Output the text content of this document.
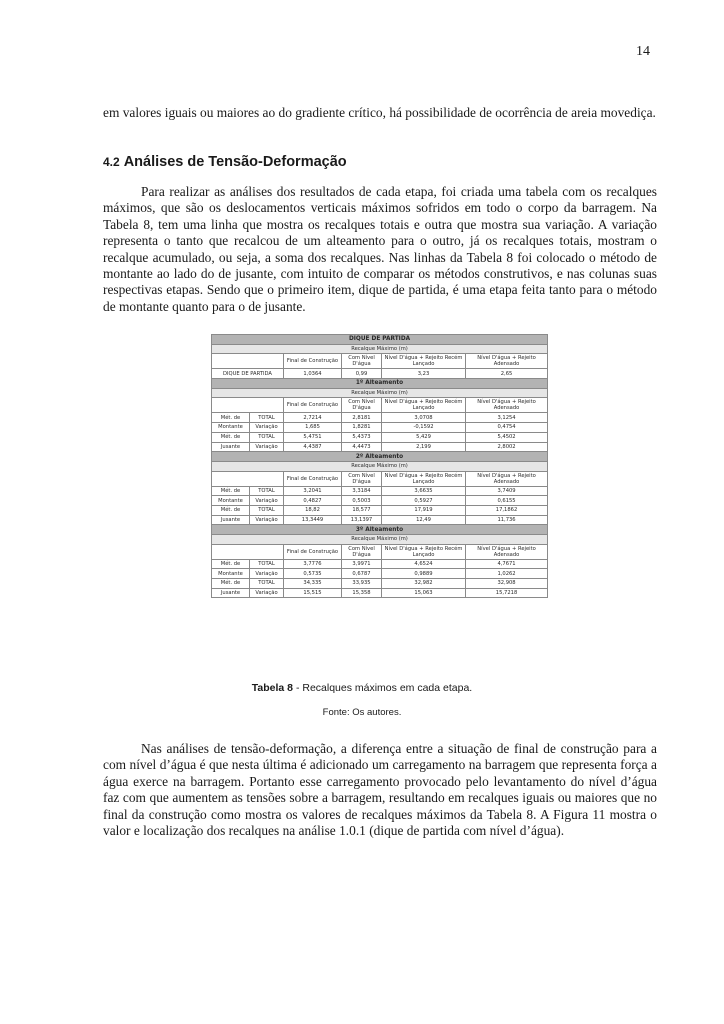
14

em valores iguais ou maiores ao do gradiente crítico, há possibilidade de ocorrência de areia movediça.

4.2 Análises de Tensão-Deformação

Para realizar as análises dos resultados de cada etapa, foi criada uma tabela com os recalques máximos, que são os deslocamentos verticais máximos sofridos em todo o corpo da barragem. Na Tabela 8, tem uma linha que mostra os recalques totais e outra que mostra sua variação. A variação representa o tanto que recalcou de um alteamento para o outro, já os recalques totais, mostram o recalque acumulado, ou seja, a soma dos recalques. Nas linhas da Tabela 8 foi colocado o método de montante ao lado do de jusante, com intuito de comparar os métodos construtivos, e nas colunas suas respectivas etapas. Sendo que o primeiro item, dique de partida, é uma etapa feita tanto para o método de montante quanto para o de jusante.

DIQUE DE PARTIDA					
Recalque Máximo (m)					
		Final de Construção	Com Nível D'água	Nível D'água + Rejeito Recém Lançado	Nível D'água + Rejeito Adensado
DIQUE DE PARTIDA		1,0364	0,99	3,23	2,65
1º Alteamento					
Recalque Máximo (m)					
		Final de Construção	Com Nível D'água	Nível D'água + Rejeito Recém Lançado	Nível D'água + Rejeito Adensado
Mét. de	TOTAL	2,7214	2,8181	3,0708	3,1254
Montante	Variação	1,685	1,8281	-0,1592	0,4754
Mét. de	TOTAL	5,4751	5,4373	5,429	5,4502
Jusante	Variação	4,4387	4,4473	2,199	2,8002
2º Alteamento					
Recalque Máximo (m)					
		Final de Construção	Com Nível D'água	Nível D'água + Rejeito Recém Lançado	Nível D'água + Rejeito Adensado
Mét. de	TOTAL	3,2041	3,3184	3,6635	3,7409
Montante	Variação	0,4827	0,5003	0,5927	0,6155
Mét. de	TOTAL	18,82	18,577	17,919	17,1862
Jusante	Variação	13,3449	13,1397	12,49	11,736
3º Alteamento					
Recalque Máximo (m)					
		Final de Construção	Com Nível D'água	Nível D'água + Rejeito Recém Lançado	Nível D'água + Rejeito Adensado
Mét. de	TOTAL	3,7776	3,9971	4,6524	4,7671
Montante	Variação	0,5735	0,6787	0,9889	1,0262
Mét. de	TOTAL	34,335	33,935	32,982	32,908
Jusante	Variação	15,515	15,358	15,063	15,7218
Tabela 8 - Recalques máximos em cada etapa.
Fonte: Os autores.

Nas análises de tensão-deformação, a diferença entre a situação de final de construção para a com nível d’água é que nesta última é adicionado um carregamento na barragem que representa força a água exerce na barragem. Portanto esse carregamento provocado pelo levantamento do nível d’água faz com que aumentem as tensões sobre a barragem, resultando em recalques iguais ou maiores que no final da construção como mostra os valores de recalques máximos da Tabela 8. A Figura 11 mostra o valor e localização dos recalques na análise 1.0.1 (dique de partida com nível d’água).
